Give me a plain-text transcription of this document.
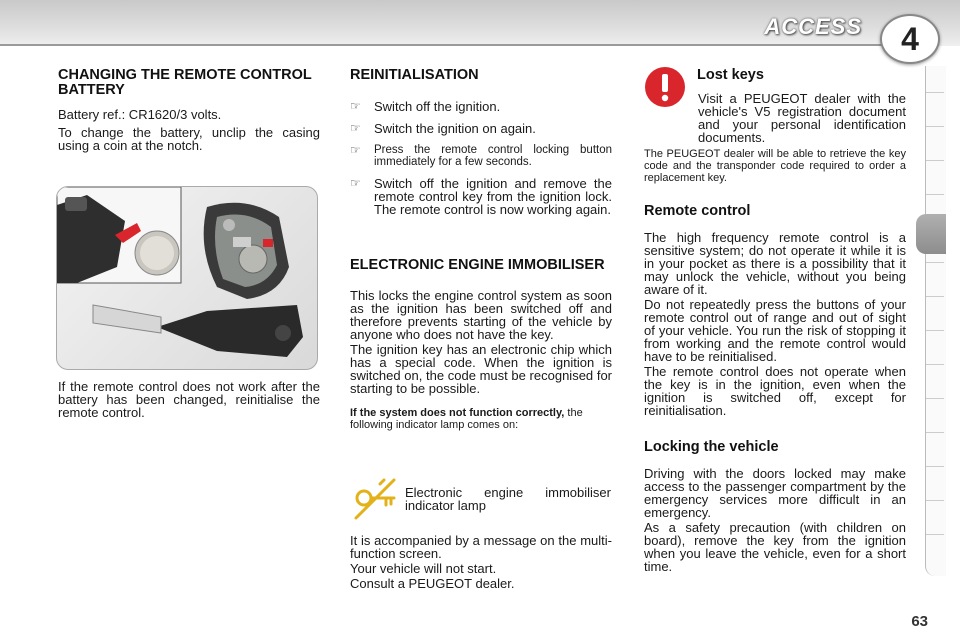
ACCESS	4
CHANGING THE REMOTE CONTROL BATTERY

Battery ref.: CR1620/3 volts.

To change the battery, unclip the casing using a coin at the notch.

If the remote control does not work after the battery has been changed, reinitialise the remote control.

REINITIALISATION
☞ Switch off the ignition.
☞ Switch the ignition on again.
☞ Press the remote control locking button immediately for a few seconds.
☞ Switch off the ignition and remove the remote control key from the ignition lock. The remote control is now working again.
ELECTRONIC ENGINE IMMOBILISER

This locks the engine control system as soon as the ignition has been switched off and therefore prevents starting of the vehicle by anyone who does not have the key.

The ignition key has an electronic chip which has a special code. When the ignition is switched on, the code must be recognised for starting to be possible.

If the system does not function correctly, the following indicator lamp comes on:

Electronic engine immobiliser indicator lamp

It is accompanied by a message on the multi-function screen.

Your vehicle will not start.

Consult a PEUGEOT dealer.

Lost keys

Visit a PEUGEOT dealer with the vehicle's V5 registration document and your personal identification documents.

The PEUGEOT dealer will be able to retrieve the key code and the transponder code required to order a replacement key.

Remote control

The high frequency remote control is a sensitive system; do not operate it while it is in your pocket as there is a possibility that it may unlock the vehicle, without you being aware of it.

Do not repeatedly press the buttons of your remote control out of range and out of sight of your vehicle. You run the risk of stopping it from working and the remote control would have to be reinitialised.

The remote control does not operate when the key is in the ignition, even when the ignition is switched off, except for reinitialisation.

Locking the vehicle

Driving with the doors locked may make access to the passenger compartment by the emergency services more difficult in an emergency.

As a safety precaution (with children on board), remove the key from the ignition when you leave the vehicle, even for a short time.

63
